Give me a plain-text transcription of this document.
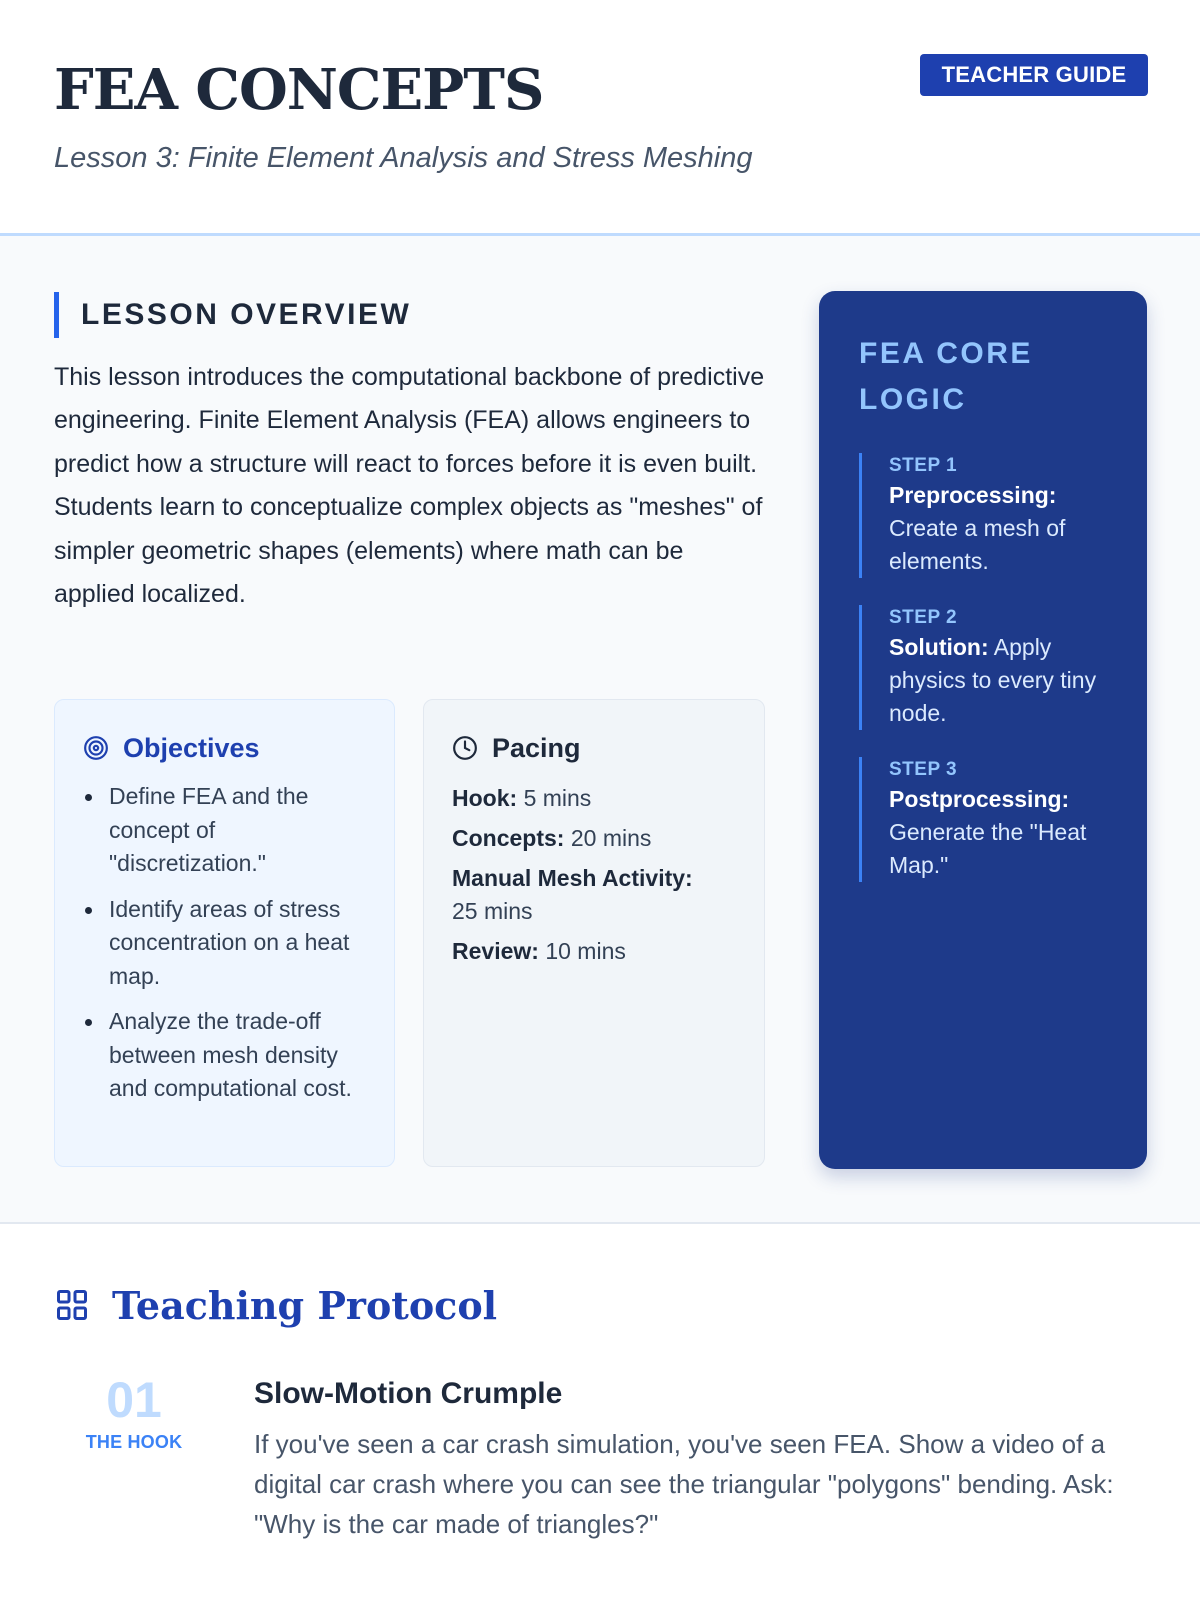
FEA CONCEPTS
Lesson 3: Finite Element Analysis and Stress Meshing
TEACHER GUIDE
LESSON OVERVIEW

This lesson introduces the computational backbone of predictive engineering. Finite Element Analysis (FEA) allows engineers to predict how a structure will react to forces before it is even built. Students learn to conceptualize complex objects as "meshes" of simpler geometric shapes (elements) where math can be applied localized.

Objectives
Define FEA and the concept of "discretization."
Identify areas of stress concentration on a heat map.
Analyze the trade-off between mesh density and computational cost.
Pacing
Hook: 5 mins
Concepts: 20 mins
Manual Mesh Activity:
25 mins
Review: 10 mins
FEA CORE LOGIC
STEP 1
Preprocessing: Create a mesh of elements.
STEP 2
Solution: Apply physics to every tiny node.
STEP 3
Postprocessing:
Generate the "Heat Map."
Teaching Protocol
01
THE HOOK
Slow-Motion Crumple

If you've seen a car crash simulation, you've seen FEA. Show a video of a digital car crash where you can see the triangular "polygons" bending. Ask: "Why is the car made of triangles?"
